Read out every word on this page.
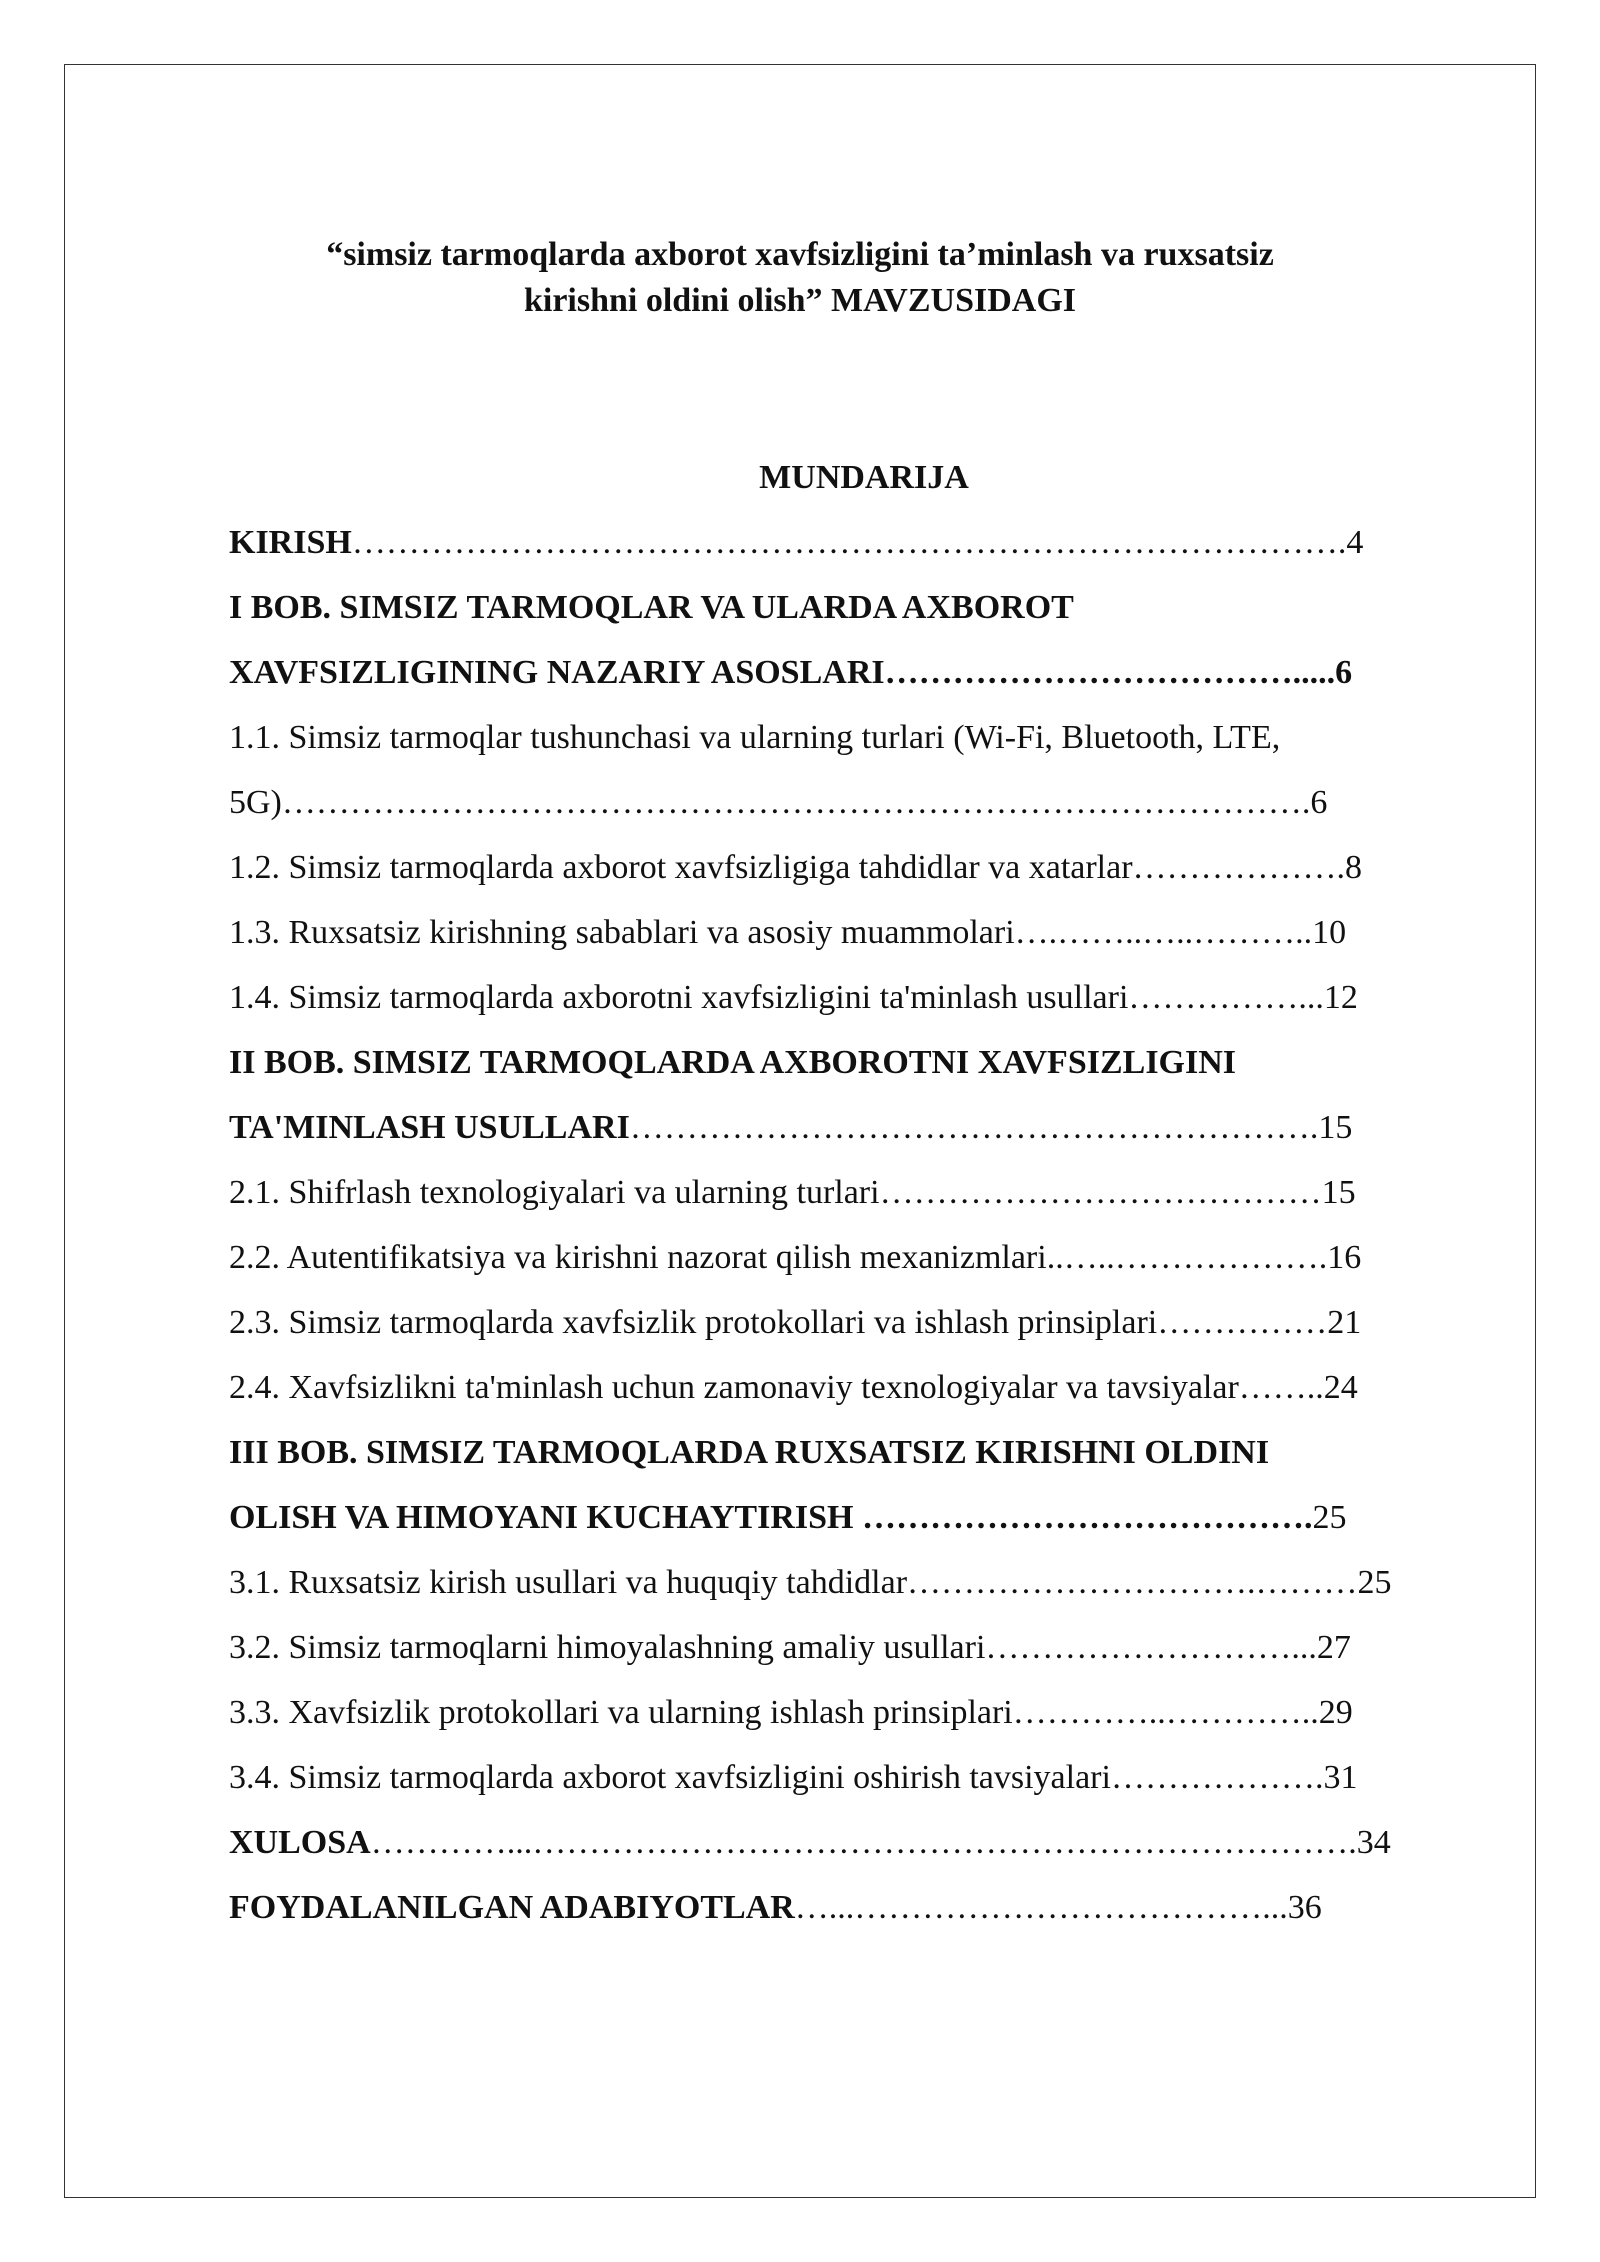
“simsiz tarmoqlarda axborot xavfsizligini ta’minlash va ruxsatsiz
kirishni oldini olish” MAVZUSIDAGI
MUNDARIJA
KIRISH…………………………………………………………………………….4
I BOB. SIMSIZ TARMOQLAR VA ULARDA AXBOROT
XAVFSIZLIGINING NAZARIY ASOSLARI……………………………….....6
1.1. Simsiz tarmoqlar tushunchasi va ularning turlari (Wi-Fi, Bluetooth, LTE,
5G)……………………………………………………………………………….6
1.2. Simsiz tarmoqlarda axborot xavfsizligiga tahdidlar va xatarlar……………….8
1.3. Ruxsatsiz kirishning sabablari va asosiy muammolari….……..…..………..10
1.4. Simsiz tarmoqlarda axborotni xavfsizligini ta'minlash usullari……………...12
II BOB. SIMSIZ TARMOQLARDA AXBOROTNI XAVFSIZLIGINI
TA'MINLASH USULLARI…………………………………………………….15
2.1. Shifrlash texnologiyalari va ularning turlari…………………………………15
2.2. Autentifikatsiya va kirishni nazorat qilish mexanizmlari..…..……………….16
2.3. Simsiz tarmoqlarda xavfsizlik protokollari va ishlash prinsiplari……………21
2.4. Xavfsizlikni ta'minlash uchun zamonaviy texnologiyalar va tavsiyalar……..24
III BOB. SIMSIZ TARMOQLARDA RUXSATSIZ KIRISHNI OLDINI
OLISH VA HIMOYANI KUCHAYTIRISH ………………………………….25
3.1. Ruxsatsiz kirish usullari va huquqiy tahdidlar………………………….………25
3.2. Simsiz tarmoqlarni himoyalashning amaliy usullari………………………...27
3.3. Xavfsizlik protokollari va ularning ishlash prinsiplari…………..…………..29
3.4. Simsiz tarmoqlarda axborot xavfsizligini oshirish tavsiyalari……………….31
XULOSA…………...……………………………………………………………….34
FOYDALANILGAN ADABIYOTLAR…...………………………………...36
